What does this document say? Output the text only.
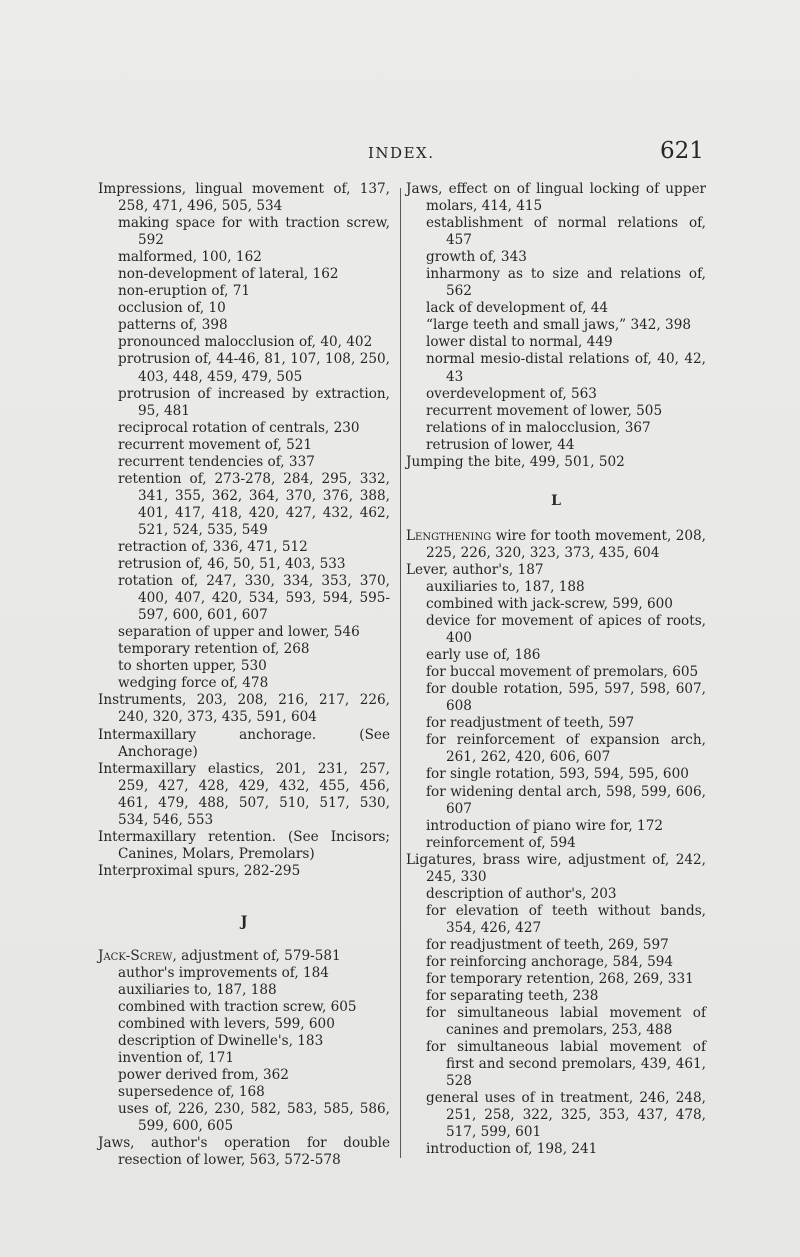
INDEX.	621
Impressions, lingual movement of, 137, 258, 471, 496, 505, 534
making space for with traction screw, 592
malformed, 100, 162
non-development of lateral, 162
non-eruption of, 71
occlusion of, 10
patterns of, 398
pronounced malocclusion of, 40, 402
protrusion of, 44-46, 81, 107, 108, 250, 403, 448, 459, 479, 505
protrusion of increased by extraction, 95, 481
reciprocal rotation of centrals, 230
recurrent movement of, 521
recurrent tendencies of, 337
retention of, 273-278, 284, 295, 332, 341, 355, 362, 364, 370, 376, 388, 401, 417, 418, 420, 427, 432, 462, 521, 524, 535, 549
retraction of, 336, 471, 512
retrusion of, 46, 50, 51, 403, 533
rotation of, 247, 330, 334, 353, 370, 400, 407, 420, 534, 593, 594, 595-597, 600, 601, 607
separation of upper and lower, 546
temporary retention of, 268
to shorten upper, 530
wedging force of, 478
Instruments, 203, 208, 216, 217, 226, 240, 320, 373, 435, 591, 604
Intermaxillary anchorage. (See Anchorage)
Intermaxillary elastics, 201, 231, 257, 259, 427, 428, 429, 432, 455, 456, 461, 479, 488, 507, 510, 517, 530, 534, 546, 553
Intermaxillary retention. (See Incisors; Canines, Molars, Premolars)
Interproximal spurs, 282-295
J
Jack-Screw, adjustment of, 579-581
author's improvements of, 184
auxiliaries to, 187, 188
combined with traction screw, 605
combined with levers, 599, 600
description of Dwinelle's, 183
invention of, 171
power derived from, 362
supersedence of, 168
uses of, 226, 230, 582, 583, 585, 586, 599, 600, 605
Jaws, author's operation for double resection of lower, 563, 572-578
Jaws, effect on of lingual locking of upper molars, 414, 415
establishment of normal relations of, 457
growth of, 343
inharmony as to size and relations of, 562
lack of development of, 44
“large teeth and small jaws,” 342, 398
lower distal to normal, 449
normal mesio-distal relations of, 40, 42, 43
overdevelopment of, 563
recurrent movement of lower, 505
relations of in malocclusion, 367
retrusion of lower, 44
Jumping the bite, 499, 501, 502
L
Lengthening wire for tooth movement, 208, 225, 226, 320, 323, 373, 435, 604
Lever, author's, 187
auxiliaries to, 187, 188
combined with jack-screw, 599, 600
device for movement of apices of roots, 400
early use of, 186
for buccal movement of premolars, 605
for double rotation, 595, 597, 598, 607, 608
for readjustment of teeth, 597
for reinforcement of expansion arch, 261, 262, 420, 606, 607
for single rotation, 593, 594, 595, 600
for widening dental arch, 598, 599, 606, 607
introduction of piano wire for, 172
reinforcement of, 594
Ligatures, brass wire, adjustment of, 242, 245, 330
description of author's, 203
for elevation of teeth without bands, 354, 426, 427
for readjustment of teeth, 269, 597
for reinforcing anchorage, 584, 594
for temporary retention, 268, 269, 331
for separating teeth, 238
for simultaneous labial movement of canines and premolars, 253, 488
for simultaneous labial movement of first and second premolars, 439, 461, 528
general uses of in treatment, 246, 248, 251, 258, 322, 325, 353, 437, 478, 517, 599, 601
introduction of, 198, 241
